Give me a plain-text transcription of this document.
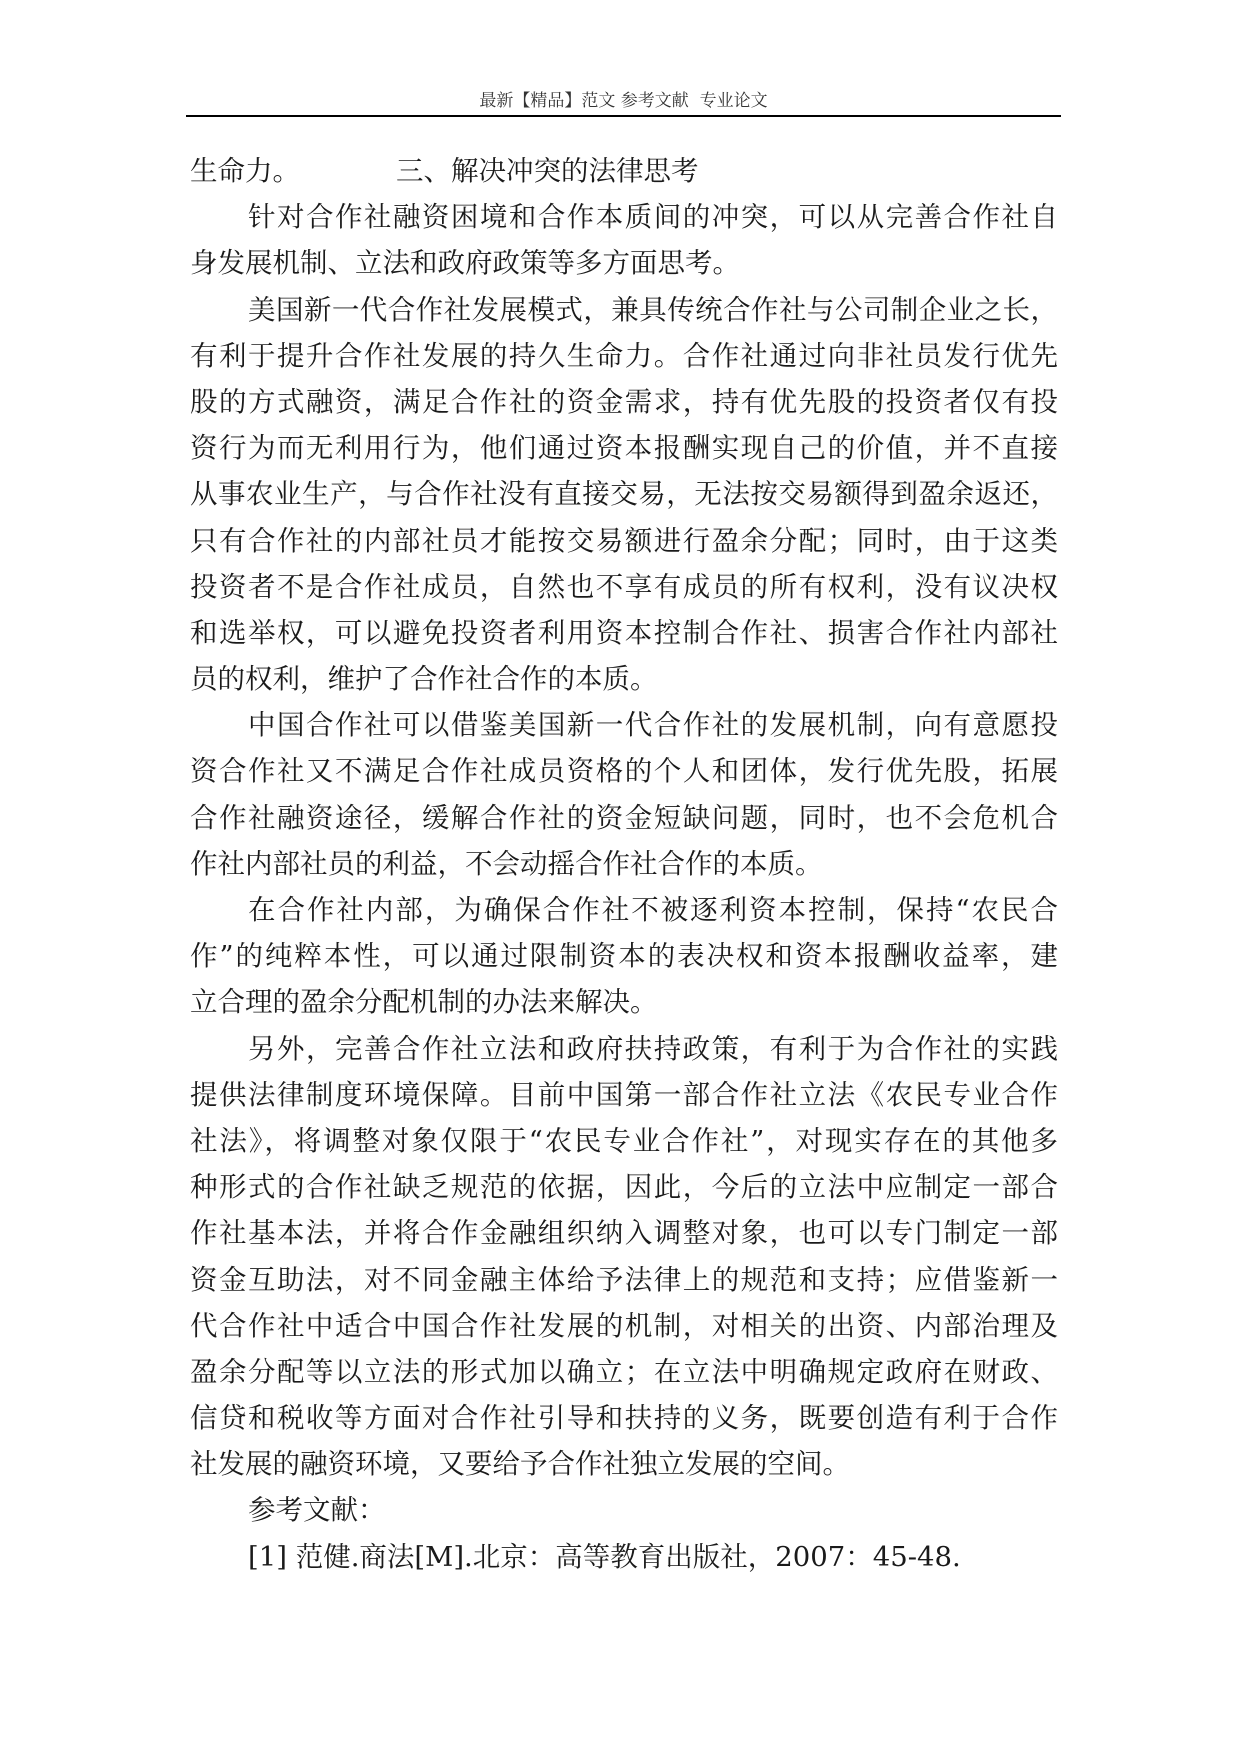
最新【精品】范文 参考文献  专业论文
生命力。	三、解决冲突的法律思考
针对合作社融资困境和合作本质间的冲突，可以从完善合作社自
身发展机制、立法和政府政策等多方面思考。
美国新一代合作社发展模式，兼具传统合作社与公司制企业之长，
有利于提升合作社发展的持久生命力。合作社通过向非社员发行优先
股的方式融资，满足合作社的资金需求，持有优先股的投资者仅有投
资行为而无利用行为，他们通过资本报酬实现自己的价值，并不直接
从事农业生产，与合作社没有直接交易，无法按交易额得到盈余返还，
只有合作社的内部社员才能按交易额进行盈余分配；同时，由于这类
投资者不是合作社成员，自然也不享有成员的所有权利，没有议决权
和选举权，可以避免投资者利用资本控制合作社、损害合作社内部社
员的权利，维护了合作社合作的本质。
中国合作社可以借鉴美国新一代合作社的发展机制，向有意愿投
资合作社又不满足合作社成员资格的个人和团体，发行优先股，拓展
合作社融资途径，缓解合作社的资金短缺问题，同时，也不会危机合
作社内部社员的利益，不会动摇合作社合作的本质。
在合作社内部，为确保合作社不被逐利资本控制，保持“农民合
作”的纯粹本性，可以通过限制资本的表决权和资本报酬收益率，建
立合理的盈余分配机制的办法来解决。
另外，完善合作社立法和政府扶持政策，有利于为合作社的实践
提供法律制度环境保障。目前中国第一部合作社立法《农民专业合作
社法》，将调整对象仅限于“农民专业合作社”，对现实存在的其他多
种形式的合作社缺乏规范的依据，因此，今后的立法中应制定一部合
作社基本法，并将合作金融组织纳入调整对象，也可以专门制定一部
资金互助法，对不同金融主体给予法律上的规范和支持；应借鉴新一
代合作社中适合中国合作社发展的机制，对相关的出资、内部治理及
盈余分配等以立法的形式加以确立；在立法中明确规定政府在财政、
信贷和税收等方面对合作社引导和扶持的义务，既要创造有利于合作
社发展的融资环境，又要给予合作社独立发展的空间。
参考文献：
[1] 范健.商法[M].北京：高等教育出版社，2007：45-48.
